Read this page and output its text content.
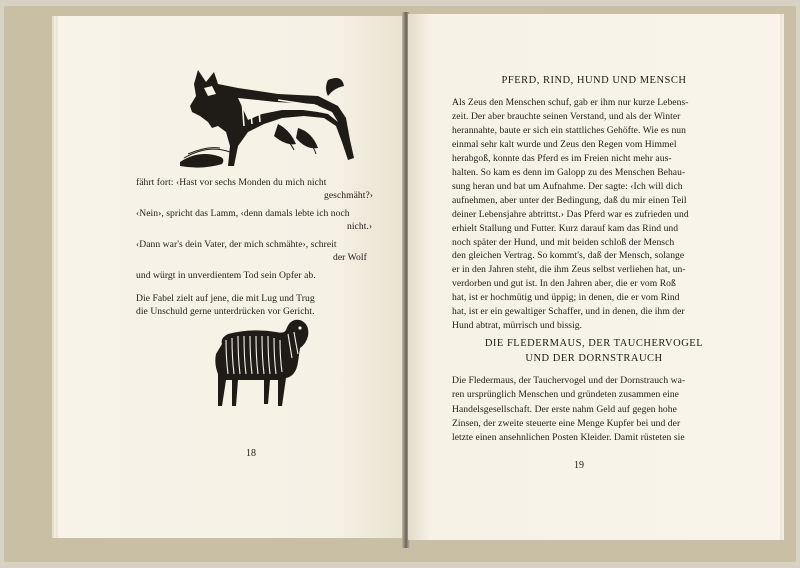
fährt fort: ‹Hast vor sechs Monden du mich nicht
geschmäht?›
‹Nein›, spricht das Lamm, ‹denn damals lebte ich noch
nicht.›
‹Dann war's dein Vater, der mich schmähte›, schreit
der Wolf
und würgt in unverdientem Tod sein Opfer ab.
Die Fabel zielt auf jene, die mit Lug und Trug
die Unschuld gerne unterdrücken vor Gericht.
18
PFERD, RIND, HUND UND MENSCH
Als Zeus den Menschen schuf, gab er ihm nur kurze Lebens-
zeit. Der aber brauchte seinen Verstand, und als der Winter
herannahte, baute er sich ein stattliches Gehöfte. Wie es nun
einmal sehr kalt wurde und Zeus den Regen vom Himmel
herabgoß, konnte das Pferd es im Freien nicht mehr aus-
halten. So kam es denn im Galopp zu des Menschen Behau-
sung heran und bat um Aufnahme. Der sagte: ‹Ich will dich
aufnehmen, aber unter der Bedingung, daß du mir einen Teil
deiner Lebensjahre abtrittst.› Das Pferd war es zufrieden und
erhielt Stallung und Futter. Kurz darauf kam das Rind und
noch später der Hund, und mit beiden schloß der Mensch
den gleichen Vertrag. So kommt's, daß der Mensch, solange
er in den Jahren steht, die ihm Zeus selbst verliehen hat, un-
verdorben und gut ist. In den Jahren aber, die er vom Roß
hat, ist er hochmütig und üppig; in denen, die er vom Rind
hat, ist er ein gewaltiger Schaffer, und in denen, die ihm der
Hund abtrat, mürrisch und bissig.
DIE FLEDERMAUS, DER TAUCHERVOGEL
UND DER DORNSTRAUCH
Die Fledermaus, der Tauchervogel und der Dornstrauch wa-
ren ursprünglich Menschen und gründeten zusammen eine
Handelsgesellschaft. Der erste nahm Geld auf gegen hohe
Zinsen, der zweite steuerte eine Menge Kupfer bei und der
letzte einen ansehnlichen Posten Kleider. Damit rüsteten sie
19
